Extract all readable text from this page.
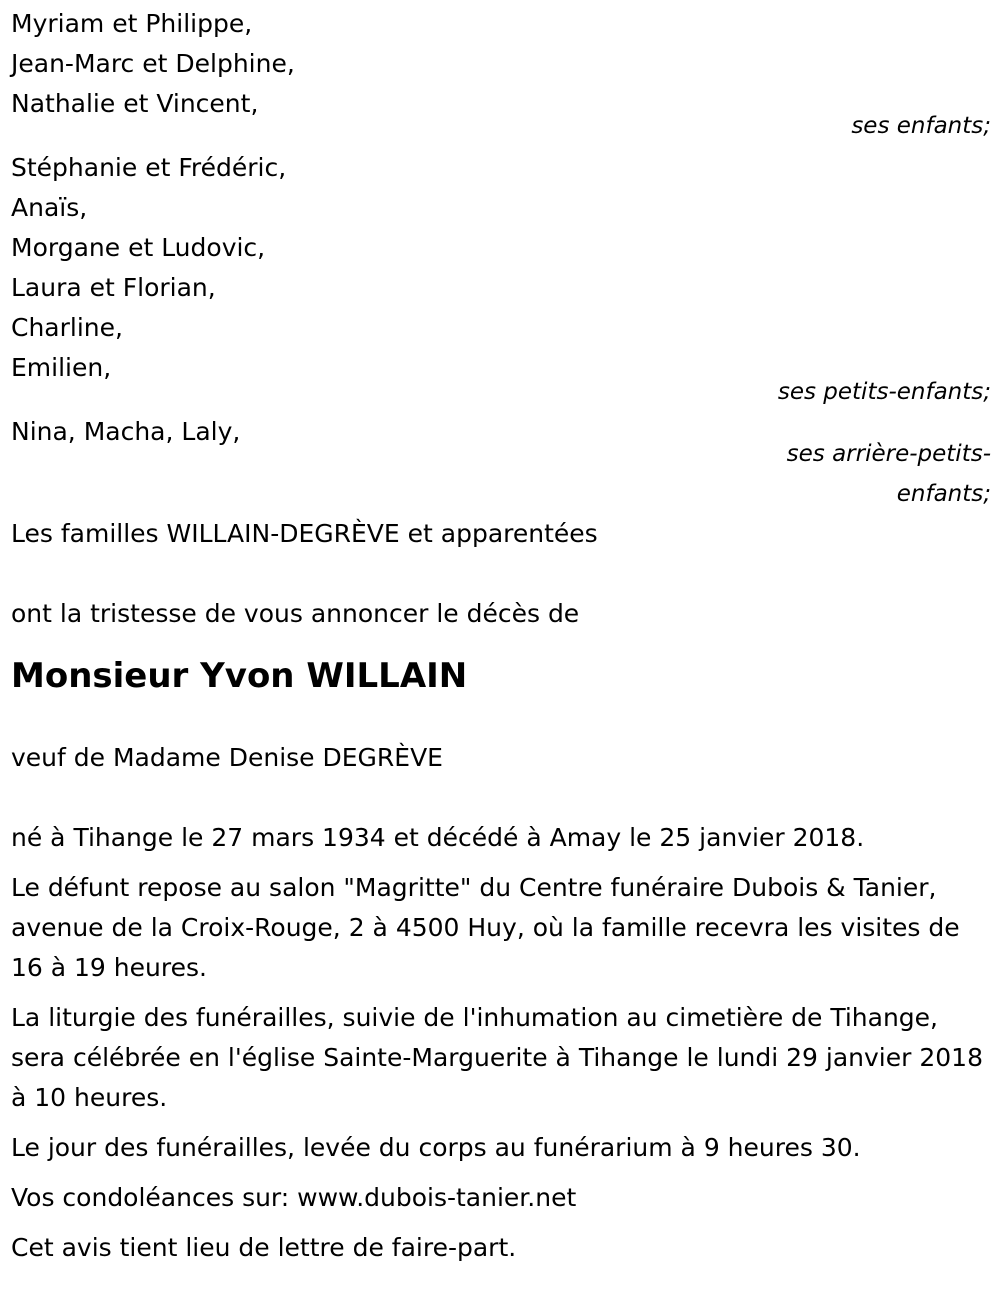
Myriam et Philippe,
Jean-Marc et Delphine,
Nathalie et Vincent,
ses enfants;
Stéphanie et Frédéric,
Anaïs,
Morgane et Ludovic,
Laura et Florian,
Charline,
Emilien,
ses petits-enfants;
Nina, Macha, Laly,
ses arrière-petits-
enfants;
Les familles WILLAIN-DEGRÈVE et apparentées
ont la tristesse de vous annoncer le décès de
Monsieur Yvon WILLAIN
veuf de Madame Denise DEGRÈVE
né à Tihange le 27 mars 1934 et décédé à Amay le 25 janvier 2018.
Le défunt repose au salon "Magritte" du Centre funéraire Dubois & Tanier, avenue de la Croix-Rouge, 2 à 4500 Huy, où la famille recevra les visites de 16 à 19 heures.
La liturgie des funérailles, suivie de l'inhumation au cimetière de Tihange, sera célébrée en l'église Sainte-Marguerite à Tihange le lundi 29 janvier 2018 à 10 heures.
Le jour des funérailles, levée du corps au funérarium à 9 heures 30.
Vos condoléances sur: www.dubois-tanier.net
Cet avis tient lieu de lettre de faire-part.
